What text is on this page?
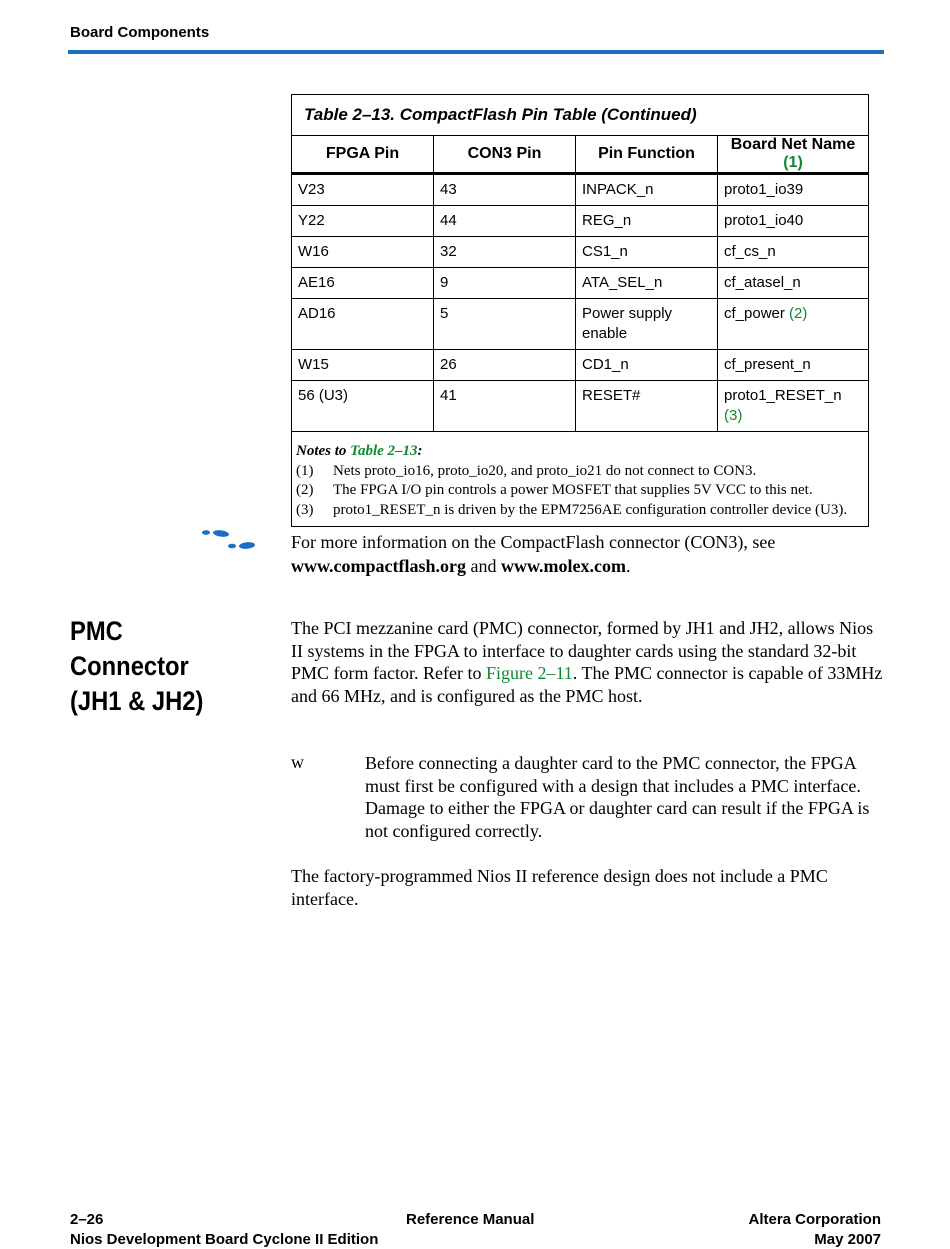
Board Components
Table 2–13. CompactFlash Pin Table (Continued)
FPGA Pin	CON3 Pin	Pin Function	Board Net Name (1)
V23	43	INPACK_n	proto1_io39
Y22	44	REG_n	proto1_io40
W16	32	CS1_n	cf_cs_n
AE16	9	ATA_SEL_n	cf_atasel_n
AD16	5	Power supply enable	cf_power (2)
W15	26	CD1_n	cf_present_n
56 (U3)	41	RESET#	proto1_RESET_n (3)
Notes to Table 2–13:
(1)	Nets proto_io16, proto_io20, and proto_io21 do not connect to CON3.
(2)	The FPGA I/O pin controls a power MOSFET that supplies 5V VCC to this net.
(3)	proto1_RESET_n is driven by the EPM7256AE configuration controller device (U3).
For more information on the CompactFlash connector (CON3), see www.compactflash.org and www.molex.com.
PMC Connector
(JH1 & JH2)
The PCI mezzanine card (PMC) connector, formed by JH1 and JH2, allows Nios II systems in the FPGA to interface to daughter cards using the standard 32-bit PMC form factor. Refer to Figure 2–11. The PMC connector is capable of 33MHz and 66 MHz, and is configured as the PMC host.
w	Before connecting a daughter card to the PMC connector, the FPGA must first be configured with a design that includes a PMC interface. Damage to either the FPGA or daughter card can result if the FPGA is not configured correctly.
The factory-programmed Nios II reference design does not include a PMC interface.
2–26	Reference Manual	Altera Corporation
Nios Development Board Cyclone II Edition	May 2007
